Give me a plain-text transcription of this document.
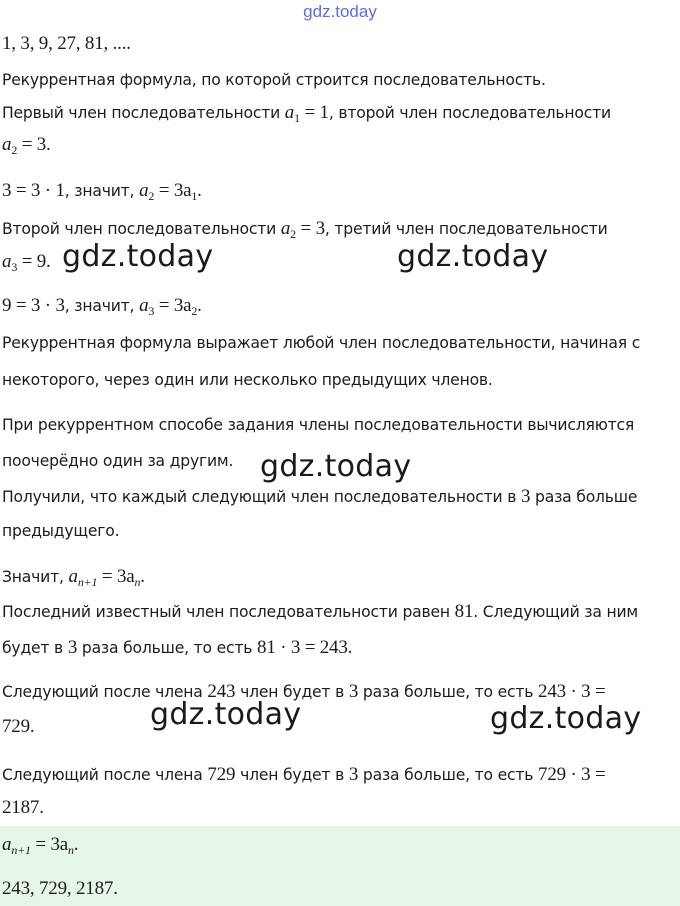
gdz.today
1, 3, 9, 27, 81, ....
Рекуррентная формула, по которой строится последовательность.
Первый член последовательности $a_1 = 1$, второй член последовательности
$a_2 = 3$.
3 = 3 · 1, значит, $a_2 = 3a_1$.
Второй член последовательности $a_2 = 3$, третий член последовательности
$a_3 = 9$.
9 = 3 · 3, значит, $a_3 = 3a_2$.
Рекуррентная формула выражает любой член последовательности, начиная с
некоторого, через один или несколько предыдущих членов.
При рекуррентном способе задания члены последовательности вычисляются
поочерёдно один за другим.
Получили, что каждый следующий член последовательности в 3 раза больше
предыдущего.
Значит, $a_{n+1} = 3a_n$.
Последний известный член последовательности равен 81. Следующий за ним
будет в 3 раза больше, то есть 81 · 3 = 243.
Следующий после члена 243 член будет в 3 раза больше, то есть 243 · 3 =
729.
Следующий после члена 729 член будет в 3 раза больше, то есть 729 · 3 =
2187.
$a_{n+1} = 3a_n$.
243, 729, 2187.
gdz.today	gdz.today
gdz.today
gdz.today	gdz.today
